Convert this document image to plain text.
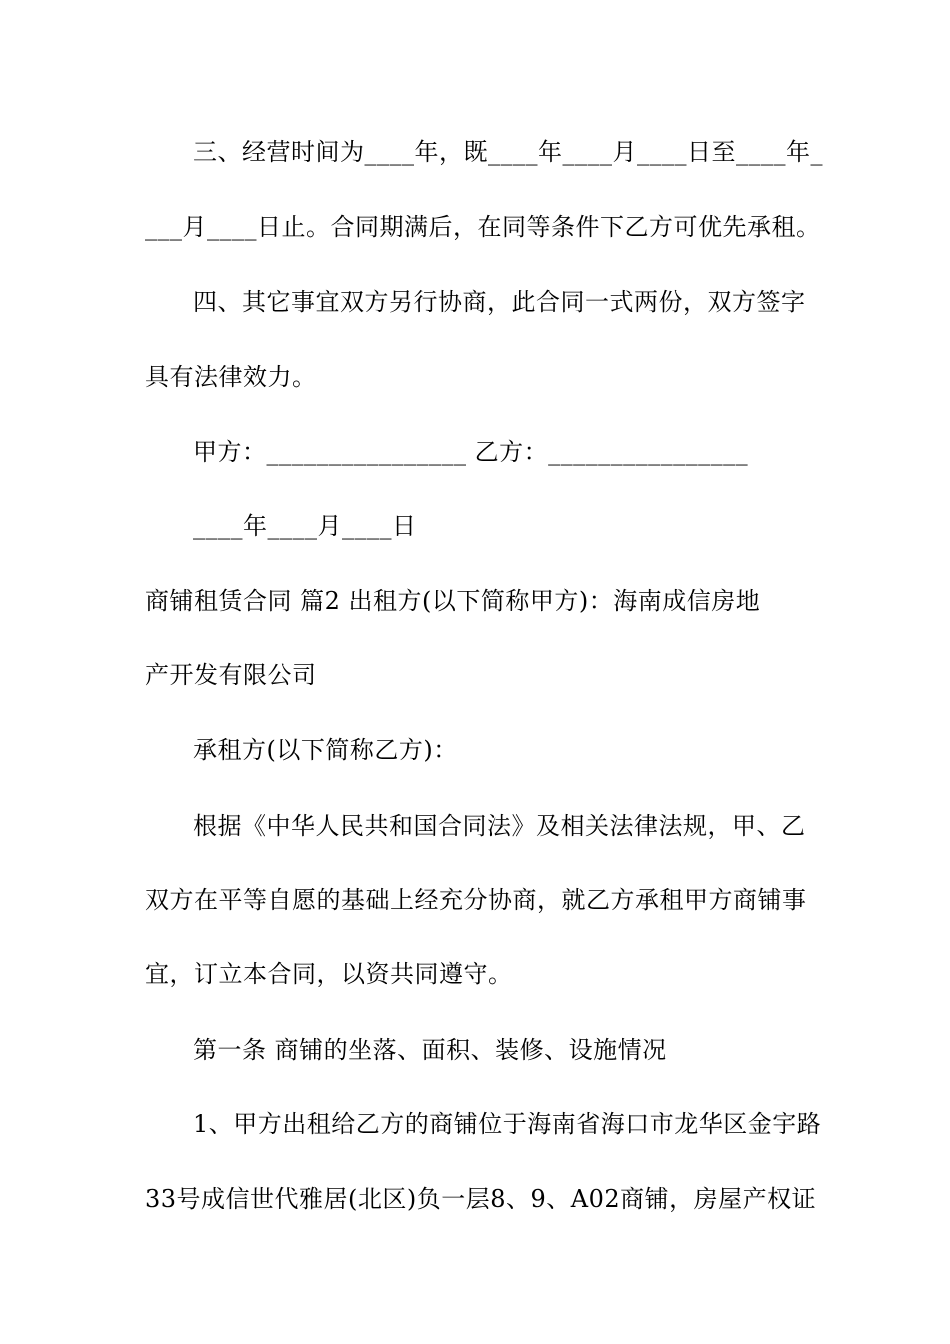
三、经营时间为____年，既____年____月____日至____年_
___月____日止。合同期满后，在同等条件下乙方可优先承租。
四、其它事宜双方另行协商，此合同一式两份，双方签字
具有法律效力。
甲方：________________ 乙方：________________
____年____月____日
商铺租赁合同 篇2 出租方(以下简称甲方)：海南成信房地
产开发有限公司
承租方(以下简称乙方)：
根据《中华人民共和国合同法》及相关法律法规，甲、乙
双方在平等自愿的基础上经充分协商，就乙方承租甲方商铺事
宜，订立本合同，以资共同遵守。
第一条 商铺的坐落、面积、装修、设施情况
1、甲方出租给乙方的商铺位于海南省海口市龙华区金宇路
33号成信世代雅居(北区)负一层8、9、A02商铺，房屋产权证
